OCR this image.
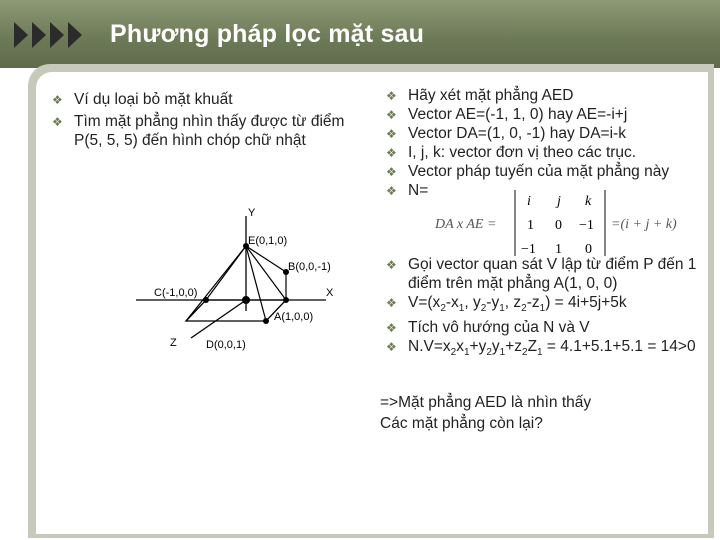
Phương pháp lọc mặt sau
❖ Ví dụ loại bỏ mặt khuất
❖ Tìm mặt phẳng nhìn thấy được từ điểm P(5, 5, 5) đến hình chóp chữ nhật
Y
X
Z
E(0,1,0)
B(0,0,-1)
C(-1,0,0)
A(1,0,0)
D(0,0,1)
❖ Hãy xét mặt phẳng AED
❖ Vector AE=(-1, 1, 0) hay AE=-i+j
❖ Vector DA=(1, 0, -1) hay DA=i-k
❖ I, j, k: vector đơn vị theo các trục.
❖ Vector pháp tuyến của mặt phẳng này
❖ N=
DA x AE =
i j k
1 0 −1
−1 1 0
=(i + j + k)
❖ Gọi vector quan sát V lập từ điểm P đến 1 điểm trên mặt phẳng A(1, 0, 0)
❖ $V=(x_2-x_1$, $y_2-y_1$, $z_2-z_1) = 4i+5j+5k$
❖ Tích vô hướng của N và V
❖ $N.V=x_2x_1+y_2y_1+z_2Z_1 = 4.1+5.1+5.1 = 14>0$
=>Mặt phẳng AED là nhìn thấy
Các mặt phẳng còn lại?
8
